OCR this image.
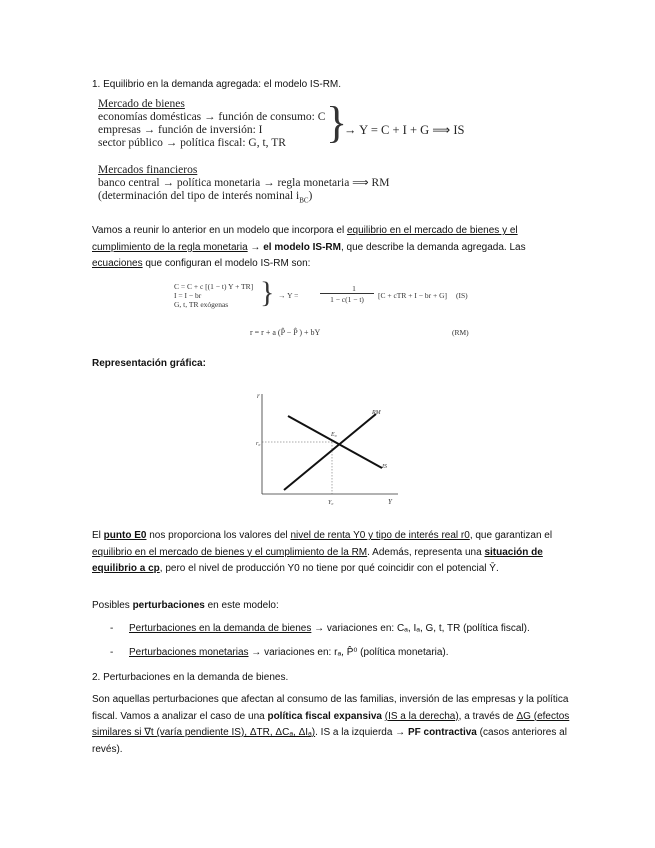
1. Equilibrio en la demanda agregada: el modelo IS-RM.
Mercado de bienes
economías domésticas → función de consumo: C
empresas → función de inversión: I
sector público → política fiscal: G, t, TR }
→ Y = C + I + G ⟹ IS
Mercados financieros
banco central → política monetaria → regla monetaria ⟹ RM
(determinación del tipo de interés nominal $i_{BC}$)
Vamos a reunir lo anterior en un modelo que incorpora el equilibrio en el mercado de bienes y el cumplimiento de la regla monetaria → el modelo IS-RM, que describe la demanda agregada. Las ecuaciones que configuran el modelo IS-RM son:
C = C + c [(1 − t) Y + TR]
I = I − br
G, t, TR exógenas } → Y =
1
1 − c(1 − t)	[C + cTR + I − br + G] (IS)
r = r + a (P̂ − P̂ ) + bY	(RM)
Representación gráfica:
r
Y
r₀
Y₀
E₀
RM
IS
El punto E0 nos proporciona los valores del nivel de renta Y0 y tipo de interés real r0, que garantizan el equilibrio en el mercado de bienes y el cumplimiento de la RM. Además, representa una situación de equilibrio a cp, pero el nivel de producción Y0 no tiene por qué coincidir con el potencial Ȳ.
Posibles perturbaciones en este modelo:
- Perturbaciones en la demanda de bienes → variaciones en: Cₐ, Iₐ, G, t, TR (política fiscal).
- Perturbaciones monetarias → variaciones en: rₐ, P̂⁰ (política monetaria).
2. Perturbaciones en la demanda de bienes.
Son aquellas perturbaciones que afectan al consumo de las familias, inversión de las empresas y la política fiscal. Vamos a analizar el caso de una política fiscal expansiva (IS a la derecha), a través de ΔG (efectos similares si ∇t (varía pendiente IS), ΔTR, ΔCₐ, ΔIₐ). IS a la izquierda → PF contractiva (casos anteriores al revés).
